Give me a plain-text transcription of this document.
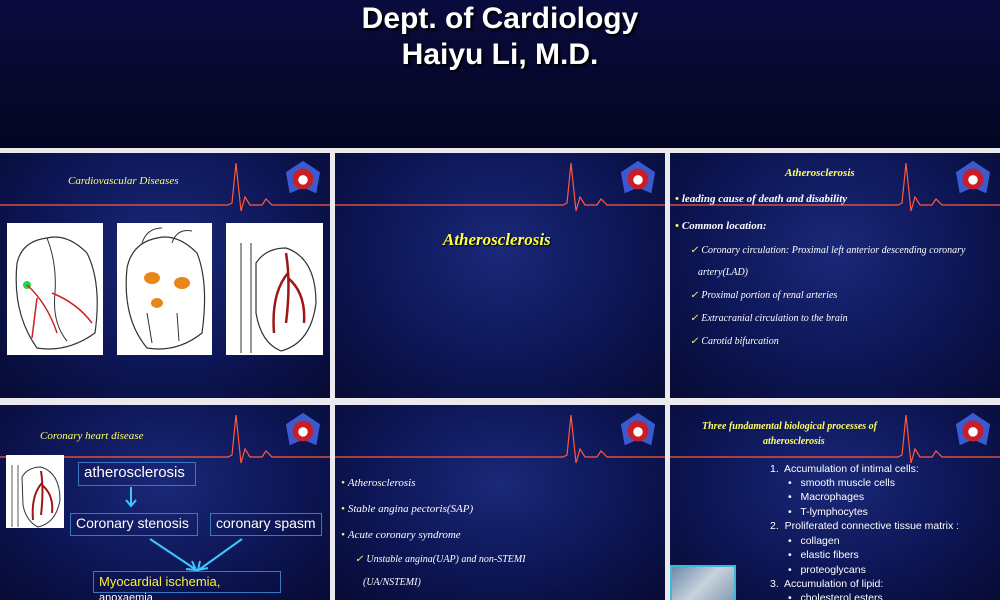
Dept. of Cardiology
Haiyu Li, M.D.
Cardiovascular Diseases
Atherosclerosis
Atherosclerosis
• leading cause of death and disability
• Common location:
✓ Coronary circulation: Proximal left anterior descending coronary
artery(LAD)
✓ Proximal portion of renal arteries
✓ Extracranial circulation to the brain
✓ Carotid bifurcation
Coronary heart disease
atherosclerosis
Coronary stenosis	coronary spasm
Myocardial ischemia, anoxaemia
• Atherosclerosis
• Stable angina pectoris(SAP)
• Acute coronary syndrome
✓ Unstable angina(UAP) and non-STEMI
(UA/NSTEMI)
Three fundamental biological processes of
atherosclerosis
1. Accumulation of intimal cells:
• smooth muscle cells
• Macrophages
• T-lymphocytes
2. Proliferated connective tissue matrix :
• collagen
• elastic fibers
• proteoglycans
3. Accumulation of lipid:
• cholesterol esters
